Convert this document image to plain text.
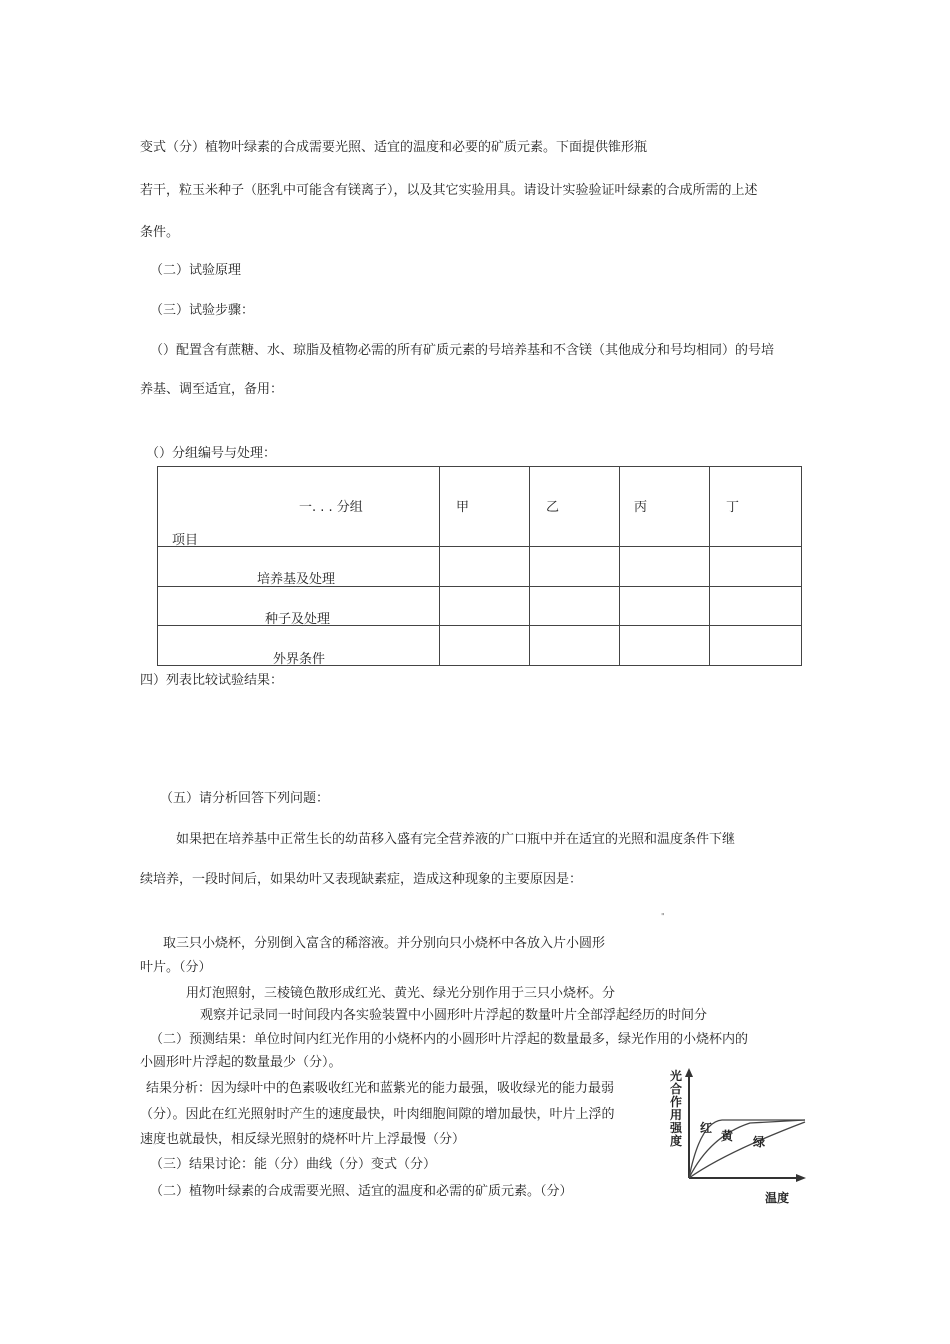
变式（分）植物叶绿素的合成需要光照、适宜的温度和必要的矿质元素。下面提供锥形瓶
若干，粒玉米种子（胚乳中可能含有镁离子），以及其它实验用具。请设计实验验证叶绿素的合成所需的上述
条件。
（二）试验原理
（三）试验步骤：
（）配置含有蔗糖、水、琼脂及植物必需的所有矿质元素的号培养基和不含镁（其他成分和号均相同）的号培
养基、调至适宜，备用：
（）分组编号与处理：
一. . . 分组
项目	甲	乙	丙	丁

培养基及处理				

种子及处理				

外界条件				

四）列表比较试验结果：
（五）请分析回答下列问题：
如果把在培养基中正常生长的幼苗移入盛有完全营养液的广口瓶中并在适宜的光照和温度条件下继
续培养，一段时间后，如果幼叶又表现缺素症，造成这种现象的主要原因是：
"
取三只小烧杯，分别倒入富含的稀溶液。并分别向只小烧杯中各放入片小圆形
叶片。（分）
用灯泡照射，三棱镜色散形成红光、黄光、绿光分别作用于三只小烧杯。分
观察并记录同一时间段内各实验装置中小圆形叶片浮起的数量叶片全部浮起经历的时间分
（二）预测结果：单位时间内红光作用的小烧杯内的小圆形叶片浮起的数量最多，绿光作用的小烧杯内的
小圆形叶片浮起的数量最少（分）。
结果分析：因为绿叶中的色素吸收红光和蓝紫光的能力最强，吸收绿光的能力最弱
（分）。因此在红光照射时产生的速度最快，叶肉细胞间隙的增加最快，叶片上浮的
速度也就最快，相反绿光照射的烧杯叶片上浮最慢（分）
（三）结果讨论：能（分）曲线（分）变式（分）
（二）植物叶绿素的合成需要光照、适宜的温度和必需的矿质元素。（分）
光
合
作
用
强
度
红
黄 绿
温度
